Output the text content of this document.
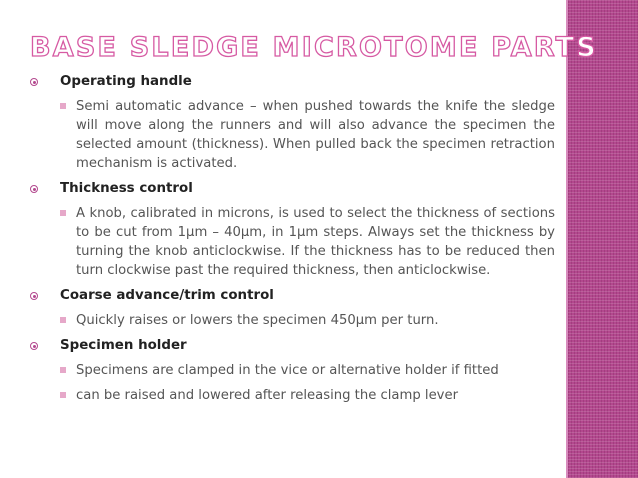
BASE SLEDGE MICROTOME PARTS
Operating handle
Semi automatic advance – when pushed towards the knife the sledge will move along the runners and will also advance the specimen the selected amount (thickness). When pulled back the specimen retraction mechanism is activated.
Thickness control
A knob, calibrated in microns, is used to select the thickness of sections to be cut from 1µm – 40µm, in 1µm steps. Always set the thickness by turning the knob anticlockwise. If the thickness has to be reduced then turn clockwise past the required thickness, then anticlockwise.
Coarse advance/trim control
Quickly raises or lowers the specimen 450µm per turn.
Specimen holder
Specimens are clamped in the vice or alternative holder if fitted
can be raised and lowered after releasing the clamp lever
